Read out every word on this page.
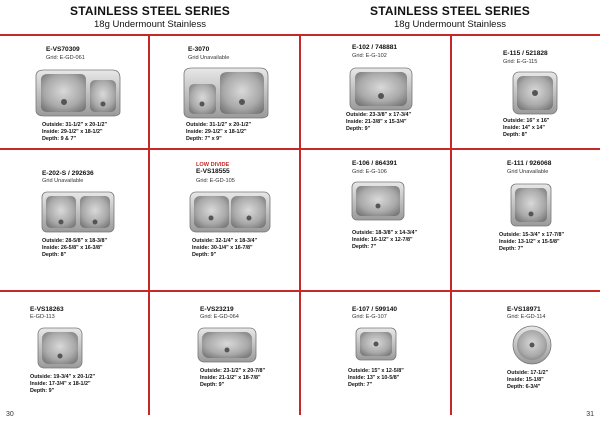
STAINLESS STEEL SERIES
18g Undermount Stainless
STAINLESS STEEL SERIES
18g Undermount Stainless
E-VS70309
Grid: E-GD-061
Outside: 31-1/2" x 20-1/2"
Inside: 29-1/2" x 18-1/2"
Depth: 9 & 7"
E-3070
Grid Unavailable
Outside: 31-1/2" x 20-1/2"
Inside: 29-1/2" x 18-1/2"
Depth: 7" x 9"
E-102 / 748881
Grid: E-G-102
Outside: 23-3/8" x 17-3/4"
Inside: 21-3/8" x 15-3/4"
Depth: 9"
E-115 / 521828
Grid: E-G-115
Outside: 16" x 16"
Inside: 14" x 14"
Depth: 8"
E-202-S / 292636
Grid Unavailable
Outside: 28-5/8" x 18-3/8"
Inside: 26-5/8" x 16-3/8"
Depth: 8"
LOW DIVIDE
E-VS18555
Grid: E-GD-105
Outside: 32-1/4" x 18-3/4"
Inside: 30-1/4" x 16-7/8"
Depth: 9"
E-106 / 864391
Grid: E-G-106
Outside: 18-3/8" x 14-3/4"
Inside: 16-1/2" x 12-7/8"
Depth: 7"
E-111 / 926068
Grid Unavailable
Outside: 15-3/4" x 17-7/8"
Inside: 13-1/2" x 15-5/8"
Depth: 7"
E-VS18263
E-GD-113
Outside: 19-3/4" x 20-1/2"
Inside: 17-3/4" x 18-1/2"
Depth: 9"
E-VS23219
Grid: E-GD-064
Outside: 23-1/2" x 20-7/8"
Inside: 21-1/2" x 18-7/8"
Depth: 9"
E-107 / 599140
Grid: E-G-107
Outside: 15" x 12-5/8"
Inside: 13" x 10-5/8"
Depth: 7"
E-VS18971
Grid: E-GD-114
Outside: 17-1/2"
Inside: 15-1/8"
Depth: 6-3/4"
30	31
